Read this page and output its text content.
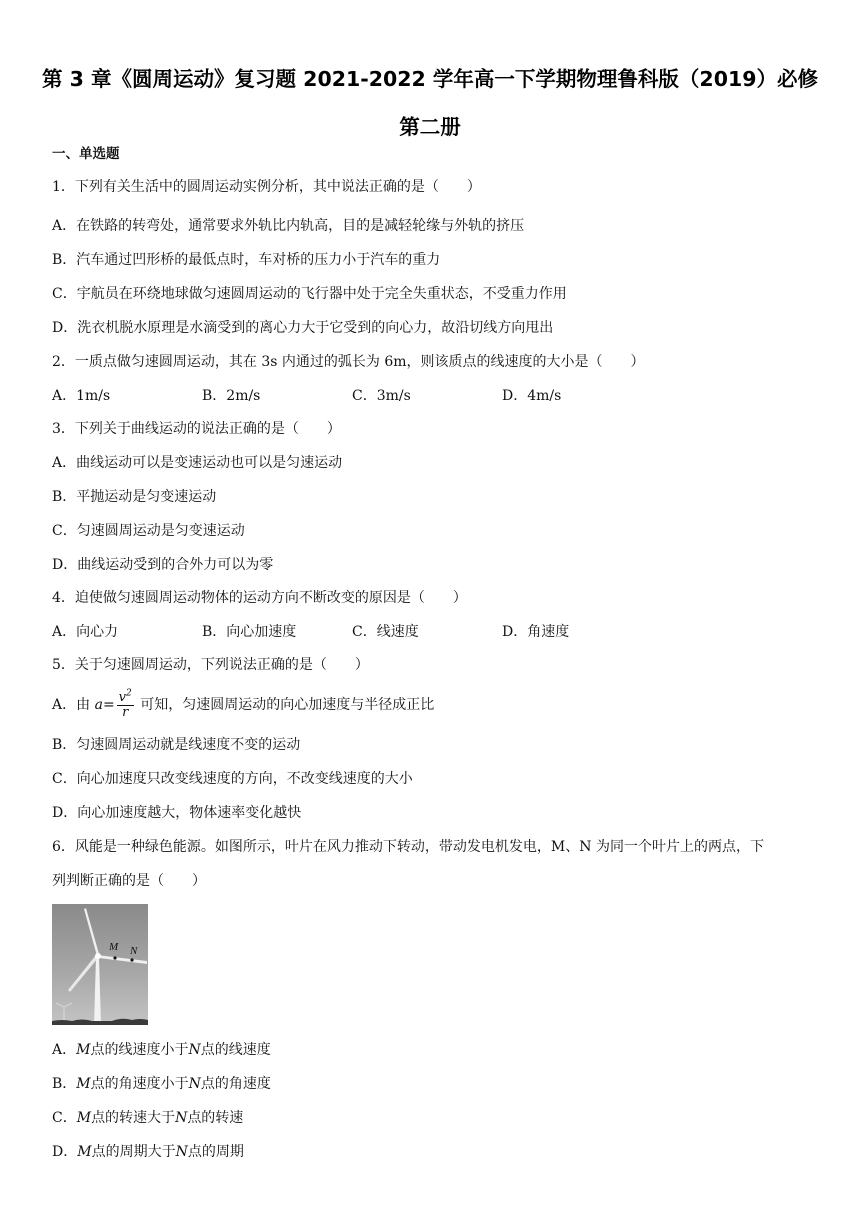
第 3 章《圆周运动》复习题 2021-2022 学年高一下学期物理鲁科版（2019）必修
第二册
一、单选题
1．下列有关生活中的圆周运动实例分析，其中说法正确的是（　　）
A．在铁路的转弯处，通常要求外轨比内轨高，目的是减轻轮缘与外轨的挤压
B．汽车通过凹形桥的最低点时，车对桥的压力小于汽车的重力
C．宇航员在环绕地球做匀速圆周运动的飞行器中处于完全失重状态，不受重力作用
D．洗衣机脱水原理是水滴受到的离心力大于它受到的向心力，故沿切线方向甩出
2．一质点做匀速圆周运动，其在 3s 内通过的弧长为 6m，则该质点的线速度的大小是（　　）
A．1m/s	B．2m/s	C．3m/s	D．4m/s
3．下列关于曲线运动的说法正确的是（　　）
A．曲线运动可以是变速运动也可以是匀速运动
B．平抛运动是匀变速运动
C．匀速圆周运动是匀变速运动
D．曲线运动受到的合外力可以为零
4．迫使做匀速圆周运动物体的运动方向不断改变的原因是（　　）
A．向心力	B．向心加速度	C．线速度	D．角速度
5．关于匀速圆周运动，下列说法正确的是（　　）
A．由 $a= \frac{v^2}{r}$ 可知，匀速圆周运动的向心加速度与半径成正比
B．匀速圆周运动就是线速度不变的运动
C．向心加速度只改变线速度的方向，不改变线速度的大小
D．向心加速度越大，物体速率变化越快
6．风能是一种绿色能源。如图所示，叶片在风力推动下转动，带动发电机发电，M、N 为同一个叶片上的两点，下
列判断正确的是（　　）
M N
A．M点的线速度小于N点的线速度
B．M点的角速度小于N点的角速度
C．M点的转速大于N点的转速
D．M点的周期大于N点的周期
